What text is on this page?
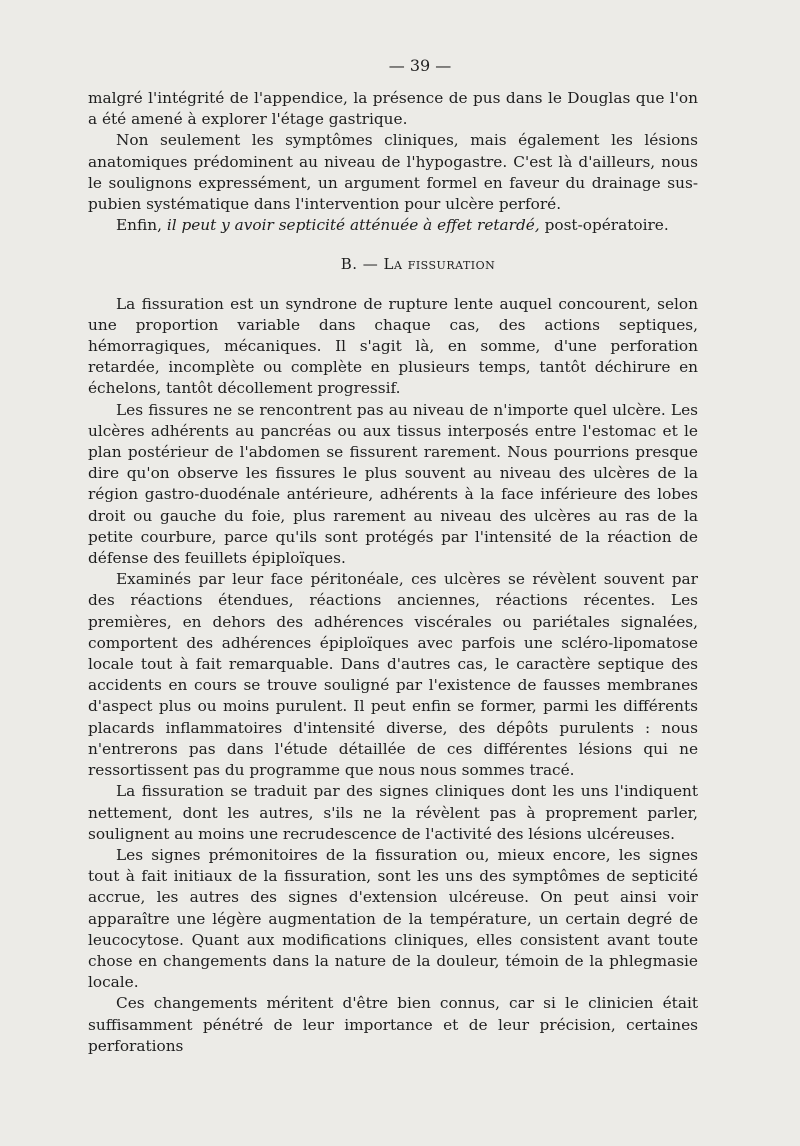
— 39 —

malgré l'intégrité de l'appendice, la présence de pus dans le Douglas que l'on a été amené à explorer l'étage gastrique.

Non seulement les symptômes cliniques, mais également les lésions anatomiques prédominent au niveau de l'hypogastre. C'est là d'ailleurs, nous le soulignons expressément, un argument formel en faveur du drainage sus-pubien systématique dans l'intervention pour ulcère perforé.

Enfin, il peut y avoir septicité atténuée à effet retardé, post-opératoire.

B. — La fissuration

La fissuration est un syndrone de rupture lente auquel concourent, selon une proportion variable dans chaque cas, des actions septiques, hémorragiques, mécaniques. Il s'agit là, en somme, d'une perforation retardée, incomplète ou complète en plusieurs temps, tantôt déchirure en échelons, tantôt décollement progressif.

Les fissures ne se rencontrent pas au niveau de n'importe quel ulcère. Les ulcères adhérents au pancréas ou aux tissus interposés entre l'estomac et le plan postérieur de l'abdomen se fissurent rarement. Nous pourrions presque dire qu'on observe les fissures le plus souvent au niveau des ulcères de la région gastro-duodénale antérieure, adhérents à la face inférieure des lobes droit ou gauche du foie, plus rarement au niveau des ulcères au ras de la petite courbure, parce qu'ils sont protégés par l'intensité de la réaction de défense des feuillets épiploïques.

Examinés par leur face péritonéale, ces ulcères se révèlent souvent par des réactions étendues, réactions anciennes, réactions récentes. Les premières, en dehors des adhérences viscérales ou pariétales signalées, comportent des adhérences épiploïques avec parfois une scléro-lipomatose locale tout à fait remarquable. Dans d'autres cas, le caractère septique des accidents en cours se trouve souligné par l'existence de fausses membranes d'aspect plus ou moins purulent. Il peut enfin se former, parmi les différents placards inflammatoires d'intensité diverse, des dépôts purulents : nous n'entrerons pas dans l'étude détaillée de ces différentes lésions qui ne ressortissent pas du programme que nous nous sommes tracé.

La fissuration se traduit par des signes cliniques dont les uns l'indiquent nettement, dont les autres, s'ils ne la révèlent pas à proprement parler, soulignent au moins une recrudescence de l'activité des lésions ulcéreuses.

Les signes prémonitoires de la fissuration ou, mieux encore, les signes tout à fait initiaux de la fissuration, sont les uns des symptômes de septicité accrue, les autres des signes d'extension ulcéreuse. On peut ainsi voir apparaître une légère augmentation de la température, un certain degré de leucocytose. Quant aux modifications cliniques, elles consistent avant toute chose en changements dans la nature de la douleur, témoin de la phlegmasie locale.

Ces changements méritent d'être bien connus, car si le clinicien était suffisamment pénétré de leur importance et de leur précision, certaines perforations
